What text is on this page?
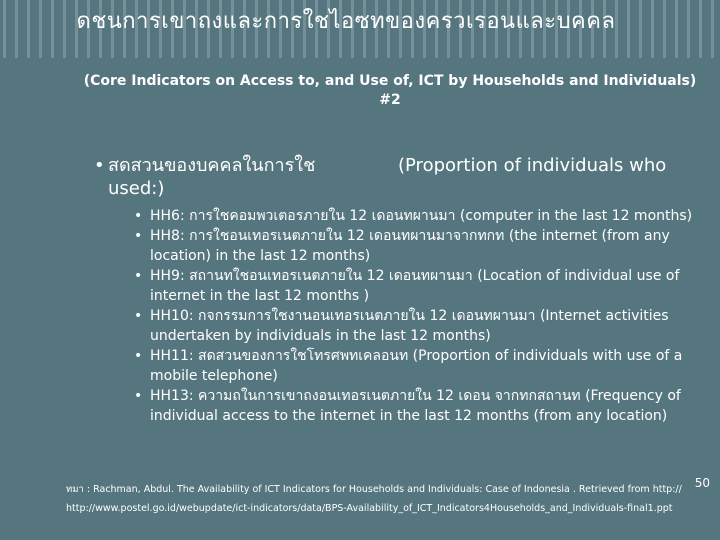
ดชนการเขาถงและการใชไอซทของครวเรอนและบคคล
(Core Indicators on Access to, and Use of, ICT by Households and Individuals)
#2
• สดสวนของบคคลในการใช	(Proportion of individuals who
used:)
• HH6: การใชคอมพวเตอรภายใน 12 เดอนทผานมา (computer in the last 12 months)
• HH8: การใชอนเทอรเนตภายใน 12 เดอนทผานมาจากทกท (the internet (from any location) in the last 12 months)
• HH9: สถานทใชอนเทอรเนตภายใน 12 เดอนทผานมา (Location of individual use of internet in the last 12 months )
• HH10: กจกรรมการใชงานอนเทอรเนตภายใน 12 เดอนทผานมา (Internet activities undertaken by individuals in the last 12 months)
• HH11: สดสวนของการใชโทรศพทเคลอนท (Proportion of individuals with use of a mobile telephone)
• HH13: ความถในการเขาถงอนเทอรเนตภายใน 12 เดอน จากทกสถานท (Frequency of individual access to the internet in the last 12 months (from any location)
ทมา : Rachman, Abdul. The Availability of ICT Indicators for Households and Individuals: Case of Indonesia . Retrieved from http:// http://www.postel.go.id/webupdate/ict-indicators/data/BPS-Availability_of_ICT_Indicators4Households_and_Individuals-final1.ppt
50
